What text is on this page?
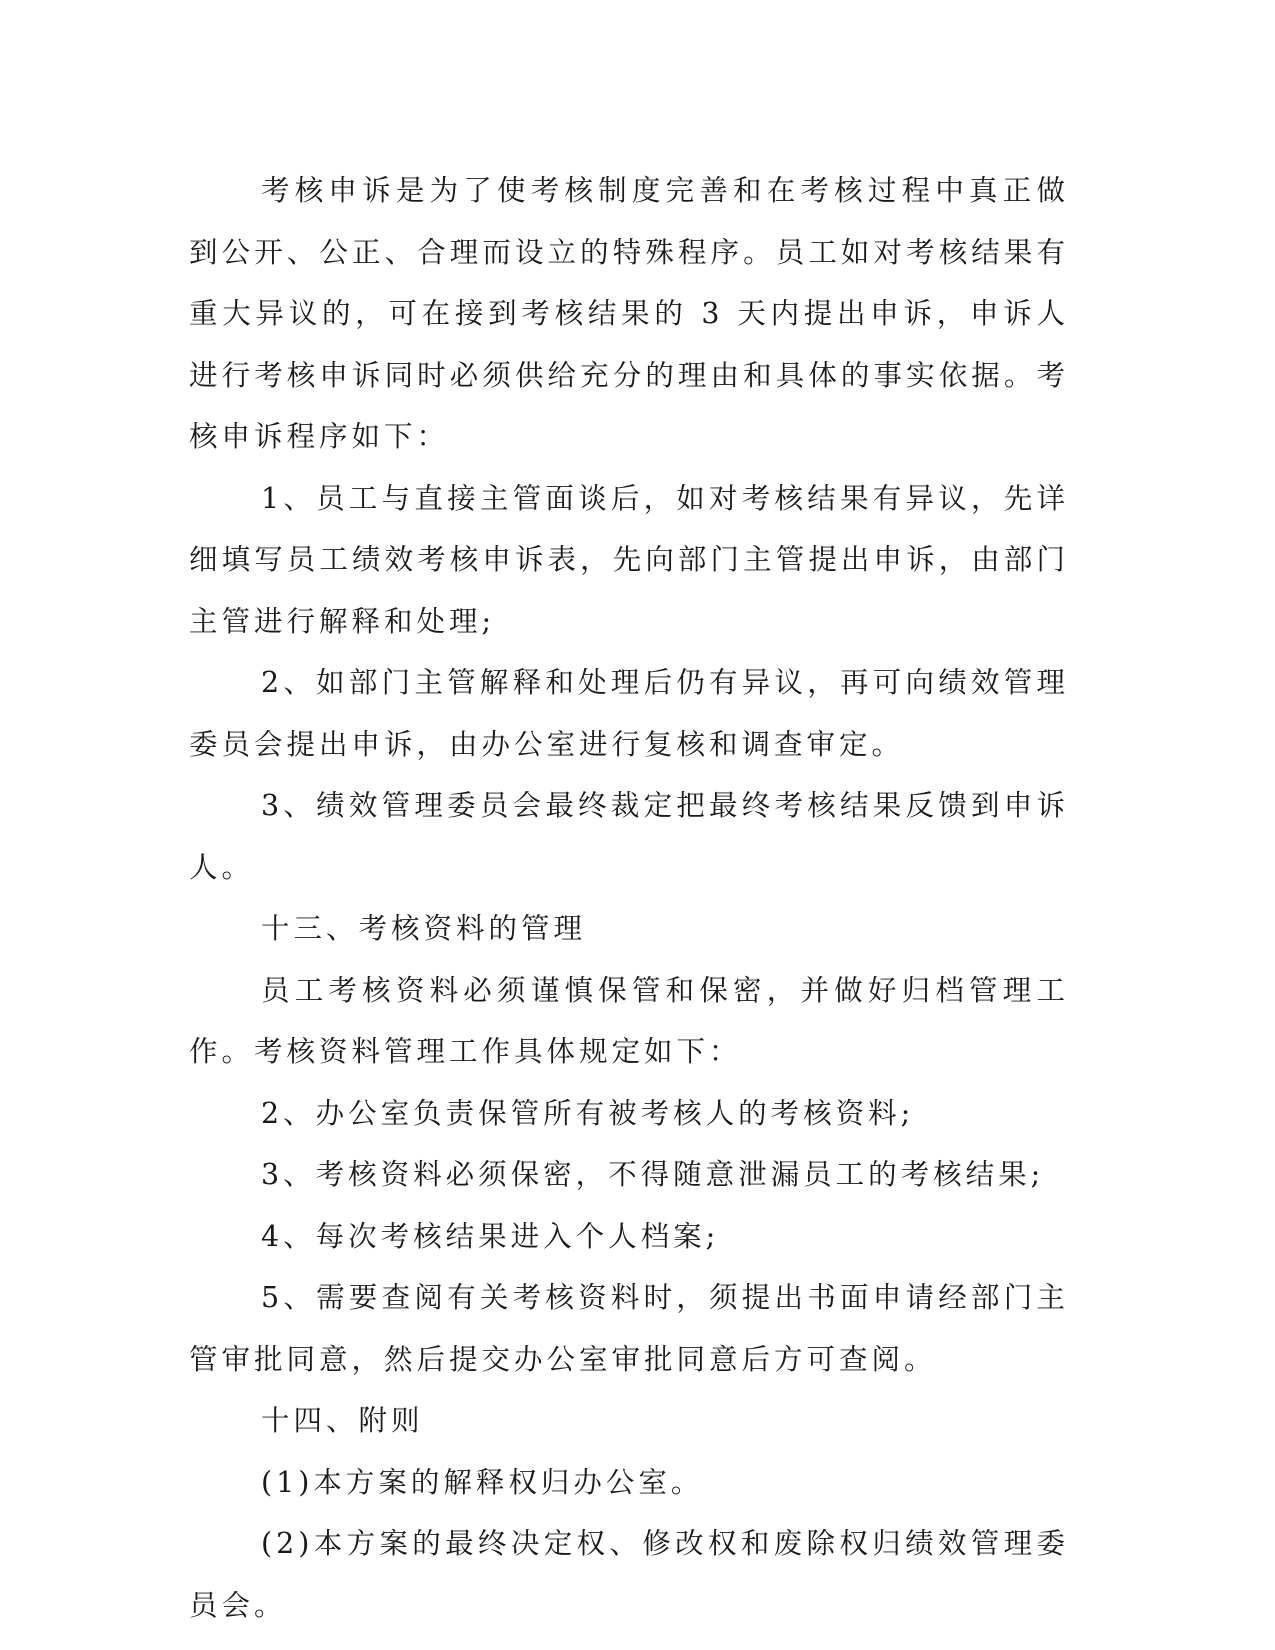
考核申诉是为了使考核制度完善和在考核过程中真正做到公开、公正、合理而设立的特殊程序。员工如对考核结果有重大异议的，可在接到考核结果的 3 天内提出申诉，申诉人进行考核申诉同时必须供给充分的理由和具体的事实依据。考核申诉程序如下：

1、员工与直接主管面谈后，如对考核结果有异议，先详细填写员工绩效考核申诉表，先向部门主管提出申诉，由部门主管进行解释和处理;

2、如部门主管解释和处理后仍有异议，再可向绩效管理委员会提出申诉，由办公室进行复核和调查审定。

3、绩效管理委员会最终裁定把最终考核结果反馈到申诉人。

十三、考核资料的管理

员工考核资料必须谨慎保管和保密，并做好归档管理工作。考核资料管理工作具体规定如下：

2、办公室负责保管所有被考核人的考核资料;

3、考核资料必须保密，不得随意泄漏员工的考核结果;

4、每次考核结果进入个人档案;

5、需要查阅有关考核资料时，须提出书面申请经部门主管审批同意，然后提交办公室审批同意后方可查阅。

十四、附则

(1)本方案的解释权归办公室。

(2)本方案的最终决定权、修改权和废除权归绩效管理委员会。
